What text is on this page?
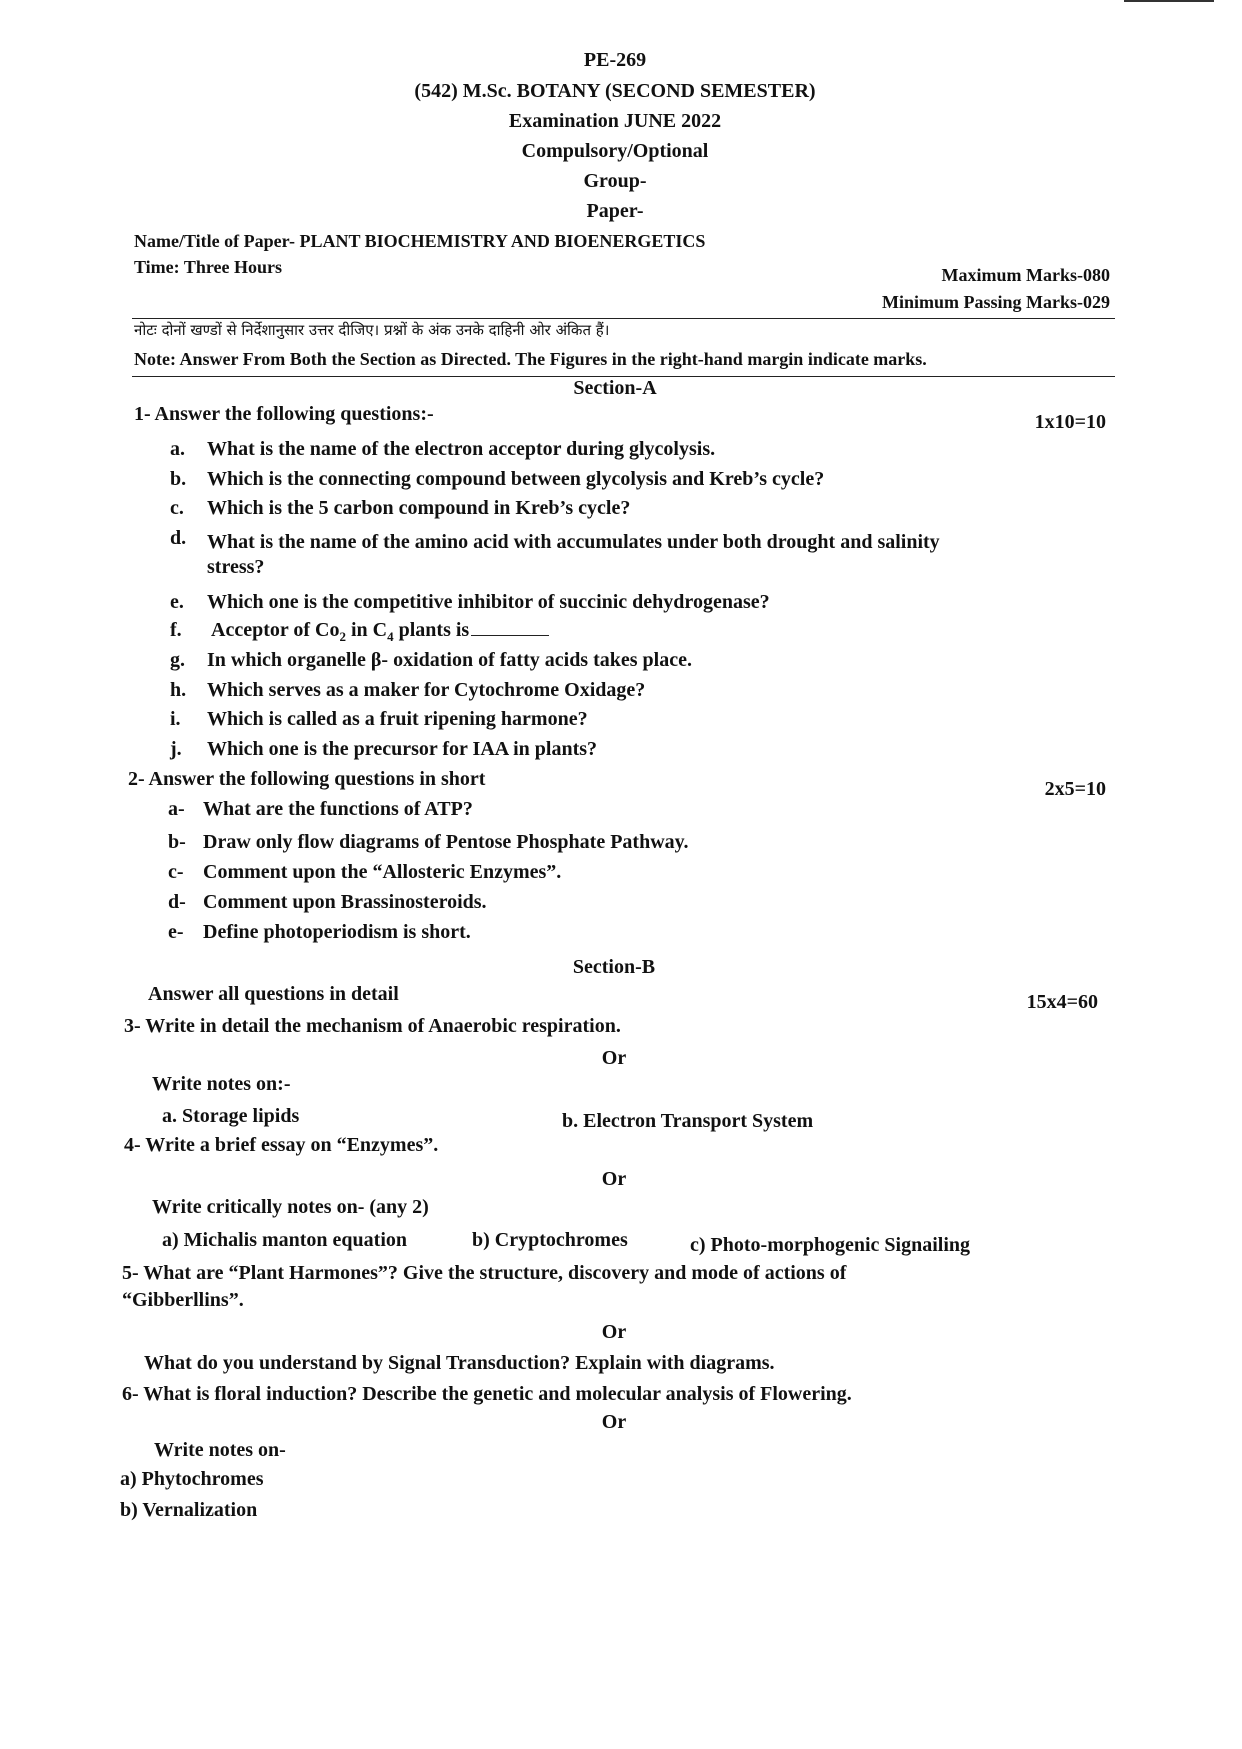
PE-269
(542) M.Sc. BOTANY (SECOND SEMESTER)
Examination JUNE 2022
Compulsory/Optional
Group-
Paper-
Name/Title of Paper- PLANT BIOCHEMISTRY AND BIOENERGETICS
Time: Three Hours	Maximum Marks-080
Minimum Passing Marks-029
नोटः दोनों खण्डों से निर्देशानुसार उत्तर दीजिए। प्रश्नों के अंक उनके दाहिनी ओर अंकित हैं।
Note: Answer From Both the Section as Directed. The Figures in the right-hand margin indicate marks.
Section-A
1- Answer the following questions:-	1x10=10
a. What is the name of the electron acceptor during glycolysis.
b. Which is the connecting compound between glycolysis and Kreb’s cycle?
c. Which is the 5 carbon compound in Kreb’s cycle?
d. What is the name of the amino acid with accumulates under both drought and salinity
stress?
e. Which one is the competitive inhibitor of succinic dehydrogenase?
f. Acceptor of $Co_2$ in $C_4$ plants is
g. In which organelle β- oxidation of fatty acids takes place.
h. Which serves as a maker for Cytochrome Oxidage?
i. Which is called as a fruit ripening harmone?
j. Which one is the precursor for IAA in plants?
2- Answer the following questions in short	2x5=10
a- What are the functions of ATP?
b- Draw only flow diagrams of Pentose Phosphate Pathway.
c- Comment upon the “Allosteric Enzymes”.
d- Comment upon Brassinosteroids.
e- Define photoperiodism is short.
Section-B
Answer all questions in detail	15x4=60
3- Write in detail the mechanism of Anaerobic respiration.
Or
Write notes on:-
a. Storage lipids	b. Electron Transport System
4- Write a brief essay on “Enzymes”.
Or
Write critically notes on- (any 2)
a) Michalis manton equation	b) Cryptochromes	c) Photo-morphogenic Signailing
5- What are “Plant Harmones”? Give the structure, discovery and mode of actions of
“Gibberllins”.
Or
What do you understand by Signal Transduction? Explain with diagrams.
6- What is floral induction? Describe the genetic and molecular analysis of Flowering.
Or
Write notes on-
a) Phytochromes
b) Vernalization
